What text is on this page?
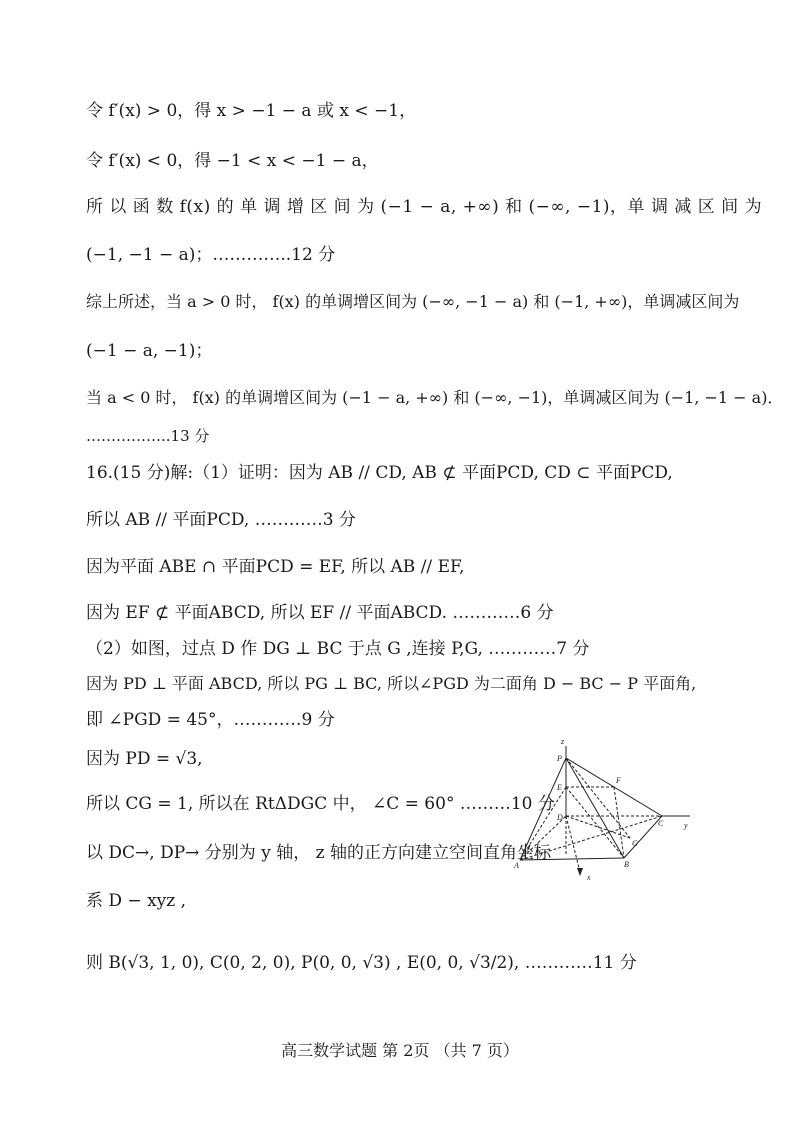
令 f′(x) > 0，得 x > −1 − a 或 x < −1，
令 f′(x) < 0，得 −1 < x < −1 − a，
所 以 函 数 f(x) 的 单 调 增 区 间 为 (−1 − a, +∞) 和 (−∞, −1)，单 调 减 区 间 为
(−1, −1 − a)；…………..12 分
综上所述，当 a > 0 时， f(x) 的单调增区间为 (−∞, −1 − a) 和 (−1, +∞)，单调减区间为
(−1 − a, −1)；
当 a < 0 时， f(x) 的单调增区间为 (−1 − a, +∞) 和 (−∞, −1)，单调减区间为 (−1, −1 − a)．
……………..13 分
16.(15 分)解:（1）证明：因为 AB // CD, AB ⊄ 平面PCD, CD ⊂ 平面PCD,
所以 AB // 平面PCD, …………3 分
因为平面 ABE ∩ 平面PCD = EF, 所以 AB // EF,
因为 EF ⊄ 平面ABCD, 所以 EF // 平面ABCD. …………6 分
（2）如图，过点 D 作 DG ⊥ BC 于点 G ,连接 P,G, …………7 分
因为 PD ⊥ 平面 ABCD, 所以 PG ⊥ BC, 所以∠PGD 为二面角 D − BC − P 平面角,
即 ∠PGD = 45°，…………9 分
因为 PD = √3,
所以 CG = 1, 所以在 RtΔDGC 中， ∠C = 60° ………10 分
以 DC→, DP→ 分别为 y 轴， z 轴的正方向建立空间直角坐标
系 D − xyz ,
则 B(√3, 1, 0), C(0, 2, 0), P(0, 0, √3) , E(0, 0, √3/2), …………11 分
z
P
F
E
D
C	y
G
A	B
x
高三数学试题 第 2页 （共 7 页）
